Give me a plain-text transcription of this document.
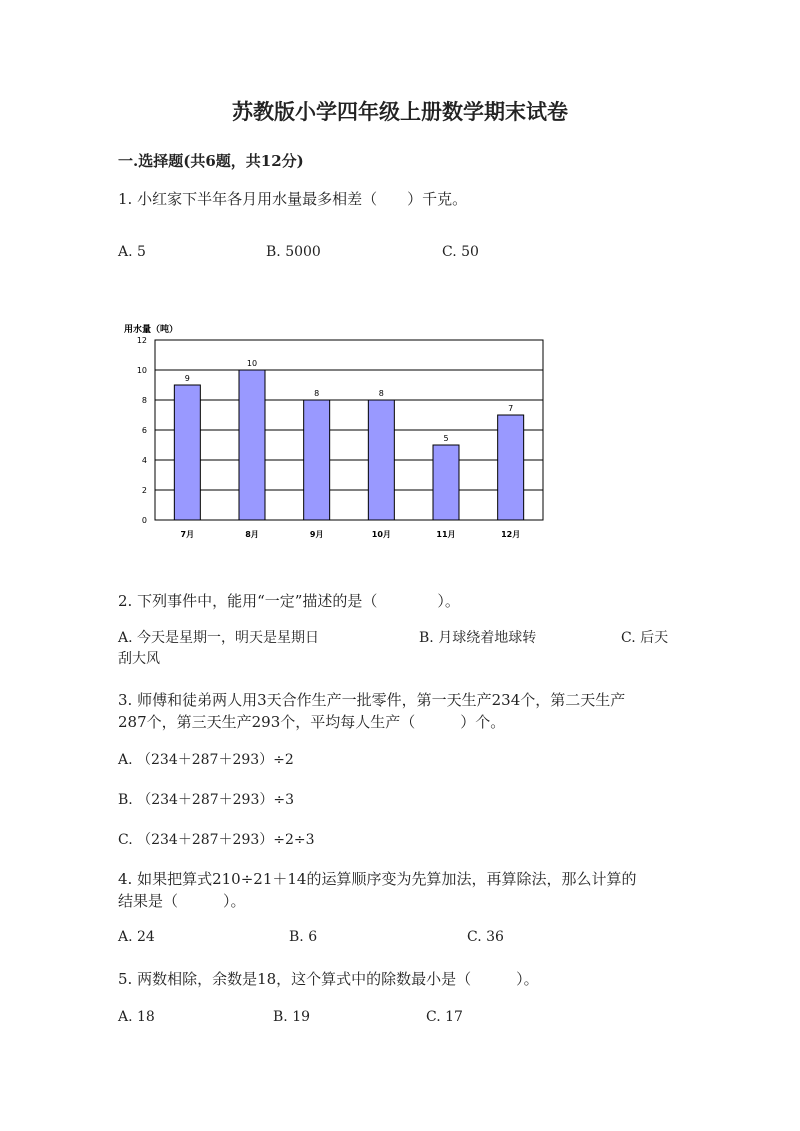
苏教版小学四年级上册数学期末试卷
一.选择题(共6题，共12分)
1. 小红家下半年各月用水量最多相差（　　）千克。
A. 5	B. 5000	C. 50
用水量（吨）
0
2
4
6
8
10
12
9
10
8	8
5
7
7月	8月	9月	10月	11月	12月
2. 下列事件中，能用“一定”描述的是（　　　　）。
A. 今天是星期一，明天是星期日	B. 月球绕着地球转	C. 后天
刮大风
3. 师傅和徒弟两人用3天合作生产一批零件，第一天生产234个，第二天生产
287个，第三天生产293个，平均每人生产（　　　）个。
A. （234＋287＋293）÷2
B. （234＋287＋293）÷3
C. （234＋287＋293）÷2÷3
4. 如果把算式210÷21＋14的运算顺序变为先算加法，再算除法，那么计算的
结果是（　　　）。
A. 24	B. 6	C. 36
5. 两数相除，余数是18，这个算式中的除数最小是（　　　）。
A. 18	B. 19	C. 17
